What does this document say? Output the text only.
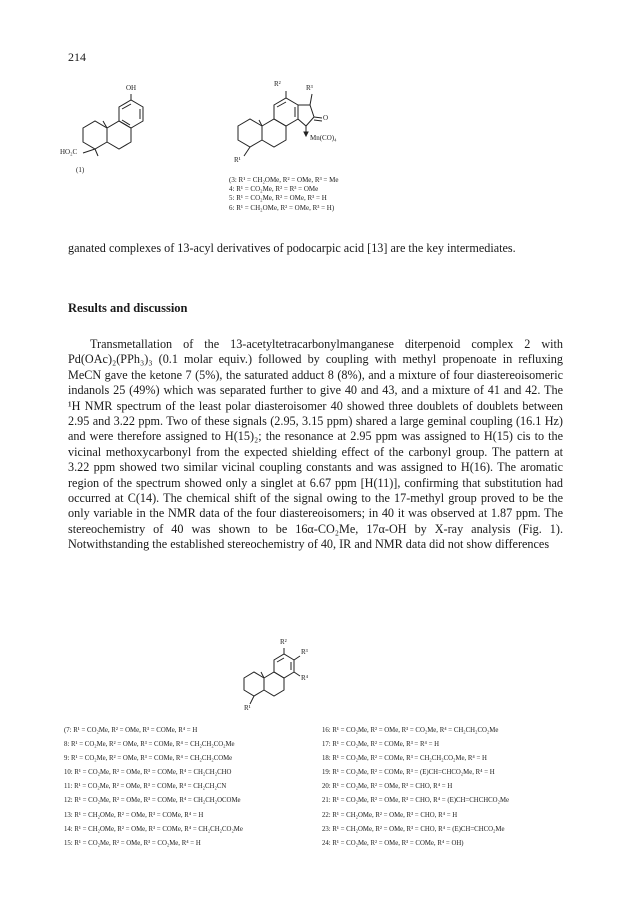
214
OH
HO₂C
(1)
R²	R³
O
Mn(CO)₄
R¹
(3: R¹ = CH₂OMe, R² = OMe, R³ = Me
4: R¹ = CO₂Me, R² = R³ = OMe
5: R¹ = CO₂Me, R² = OMe, R³ = H
6: R¹ = CH₂OMe, R² = OMe, R³ = H)
ganated complexes of 13-acyl derivatives of podocarpic acid [13] are the key intermediates.
Results and discussion
Transmetallation of the 13-acetyltetracarbonylmanganese diterpenoid complex 2 with Pd(OAc)₂(PPh₃)₃ (0.1 molar equiv.) followed by coupling with methyl propenoate in refluxing MeCN gave the ketone 7 (5%), the saturated adduct 8 (8%), and a mixture of four diastereoisomeric indanols 25 (49%) which was separated further to give 40 and 43, and a mixture of 41 and 42. The ¹H NMR spectrum of the least polar diasteroisomer 40 showed three doublets of doublets between 2.95 and 3.22 ppm. Two of these signals (2.95, 3.15 ppm) shared a large geminal coupling (16.1 Hz) and were therefore assigned to H(15)₂; the resonance at 2.95 ppm was assigned to H(15) cis to the vicinal methoxycarbonyl from the expected shielding effect of the carbonyl group. The pattern at 3.22 ppm showed two similar vicinal coupling constants and was assigned to H(16). The aromatic region of the spectrum showed only a singlet at 6.67 ppm [H(11)], confirming that substitution had occurred at C(14). The chemical shift of the signal owing to the 17-methyl group proved to be the only variable in the NMR data of the four diastereoisomers; in 40 it was observed at 1.87 ppm. The stereochemistry of 40 was shown to be 16α-CO₂Me, 17α-OH by X-ray analysis (Fig. 1). Notwithstanding the established stereochemistry of 40, IR and NMR data did not show differences
R²
R³
R⁴
R¹
(7: R¹ = CO₂Me, R² = OMe, R³ = COMe, R⁴ = H
8: R¹ = CO₂Me, R² = OMe, R³ = COMe, R⁴ = CH₂CH₂CO₂Me
9: R¹ = CO₂Me, R² = OMe, R³ = COMe, R⁴ = CH₂CH₂COMe
10: R¹ = CO₂Me, R² = OMe, R³ = COMe, R⁴ = CH₂CH₂CHO
11: R¹ = CO₂Me, R² = OMe, R³ = COMe, R⁴ = CH₂CH₂CN
12: R¹ = CO₂Me, R² = OMe, R³ = COMe, R⁴ = CH₂CH₂OCOMe
13: R¹ = CH₂OMe, R² = OMe, R³ = COMe, R⁴ = H
14: R¹ = CH₂OMe, R² = OMe, R³ = COMe, R⁴ = CH₂CH₂CO₂Me
15: R¹ = CO₂Me, R² = OMe, R³ = CO₂Me, R⁴ = H
16: R¹ = CO₂Me, R² = OMe, R³ = CO₂Me, R⁴ = CH₂CH₂CO₂Me
17: R¹ = CO₂Me, R² = COMe, R³ = R⁴ = H
18: R¹ = CO₂Me, R² = COMe, R³ = CH₂CH₂CO₂Me, R⁴ = H
19: R¹ = CO₂Me, R² = COMe, R³ = (E)CH=CHCO₂Me, R⁴ = H
20: R¹ = CO₂Me, R² = OMe, R³ = CHO, R⁴ = H
21: R¹ = CO₂Me, R² = OMe, R³ = CHO, R⁴ = (E)CH=CHCHCO₂Me
22: R¹ = CH₂OMe, R² = OMe, R³ = CHO, R⁴ = H
23: R¹ = CH₂OMe, R² = OMe, R³ = CHO, R⁴ = (E)CH=CHCO₂Me
24: R¹ = CO₂Me, R² = OMe, R³ = COMe, R⁴ = OH)
